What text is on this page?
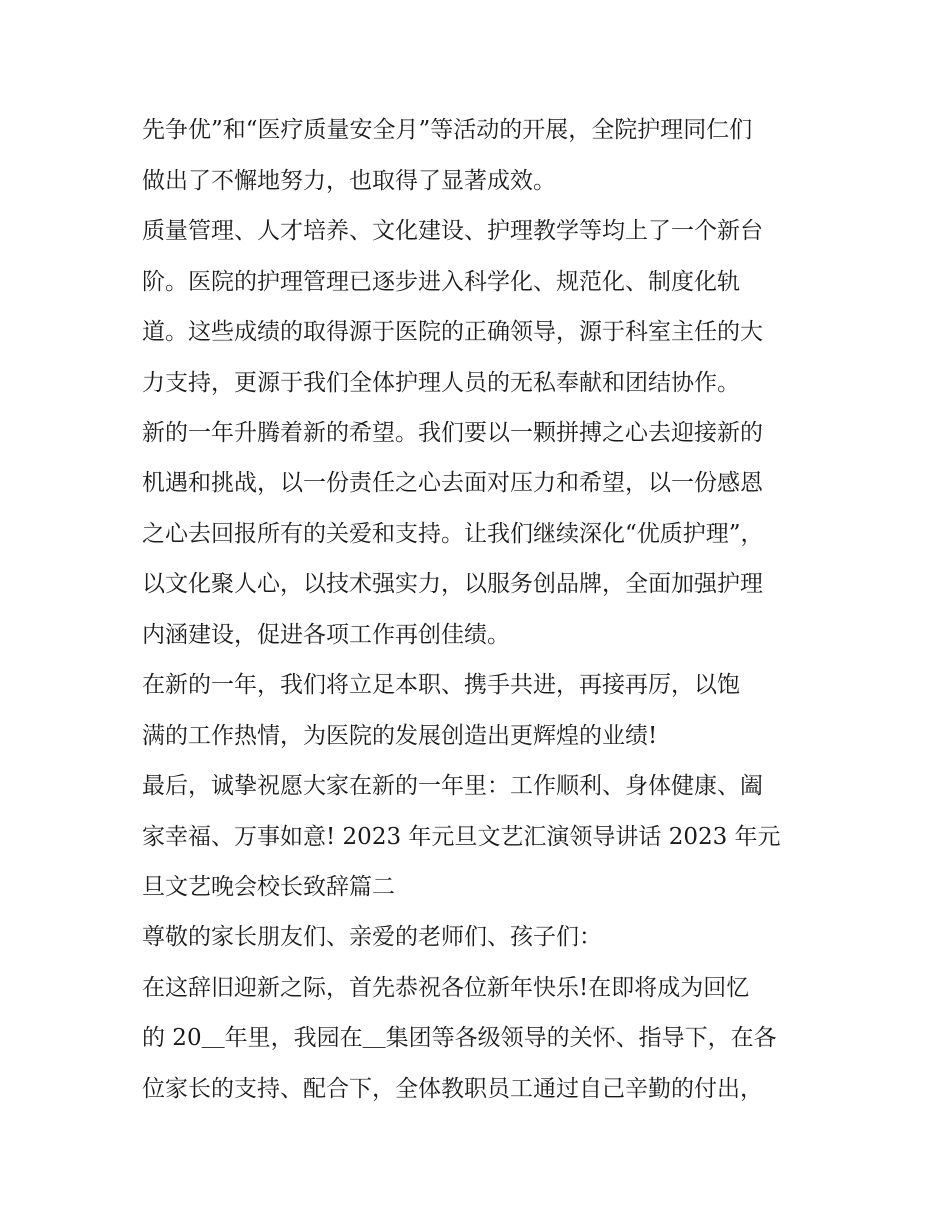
先争优”和“医疗质量安全月”等活动的开展，全院护理同仁们
做出了不懈地努力，也取得了显著成效。
质量管理、人才培养、文化建设、护理教学等均上了一个新台
阶。医院的护理管理已逐步进入科学化、规范化、制度化轨
道。这些成绩的取得源于医院的正确领导，源于科室主任的大
力支持，更源于我们全体护理人员的无私奉献和团结协作。
新的一年升腾着新的希望。我们要以一颗拼搏之心去迎接新的
机遇和挑战，以一份责任之心去面对压力和希望，以一份感恩
之心去回报所有的关爱和支持。让我们继续深化“优质护理”，
以文化聚人心，以技术强实力，以服务创品牌，全面加强护理
内涵建设，促进各项工作再创佳绩。
在新的一年，我们将立足本职、携手共进，再接再厉，以饱
满的工作热情，为医院的发展创造出更辉煌的业绩!
最后，诚挚祝愿大家在新的一年里：工作顺利、身体健康、阖
家幸福、万事如意! 2023 年元旦文艺汇演领导讲话 2023 年元
旦文艺晚会校长致辞篇二
尊敬的家长朋友们、亲爱的老师们、孩子们：
在这辞旧迎新之际，首先恭祝各位新年快乐!在即将成为回忆
的 20＿年里，我园在＿集团等各级领导的关怀、指导下，在各
位家长的支持、配合下，全体教职员工通过自己辛勤的付出，
